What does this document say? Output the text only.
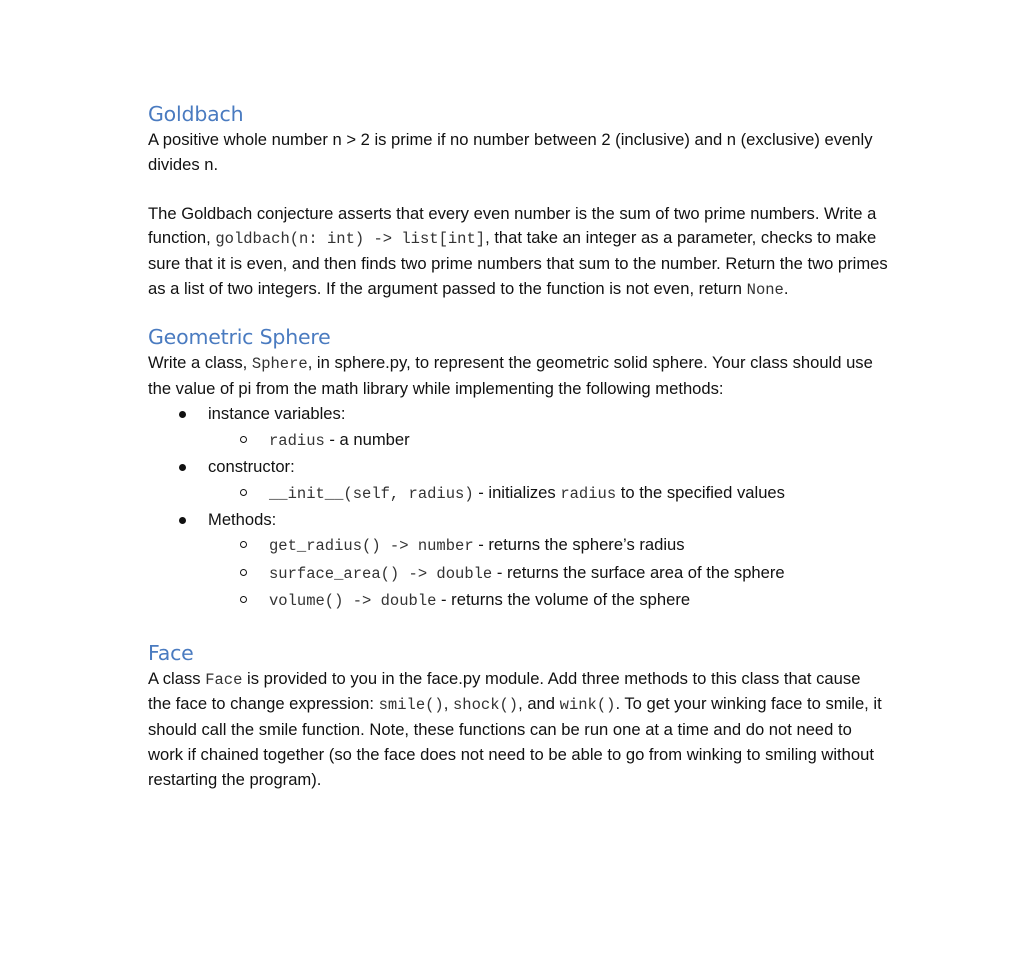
Goldbach

A positive whole number n > 2 is prime if no number between 2 (inclusive) and n (exclusive) evenly divides n.

The Goldbach conjecture asserts that every even number is the sum of two prime numbers. Write a function, goldbach(n: int) -> list[int], that take an integer as a parameter, checks to make sure that it is even, and then finds two prime numbers that sum to the number. Return the two primes as a list of two integers. If the argument passed to the function is not even, return None.

Geometric Sphere

Write a class, Sphere, in sphere.py, to represent the geometric solid sphere. Your class should use the value of pi from the math library while implementing the following methods:

instance variables:
radius - a number
constructor:
__init__(self, radius) - initializes radius to the specified values
Methods:
get_radius() -> number - returns the sphere’s radius
surface_area() -> double - returns the surface area of the sphere
volume() -> double - returns the volume of the sphere
Face

A class Face is provided to you in the face.py module. Add three methods to this class that cause the face to change expression: smile(), shock(), and wink(). To get your winking face to smile, it should call the smile function. Note, these functions can be run one at a time and do not need to work if chained together (so the face does not need to be able to go from winking to smiling without restarting the program).
